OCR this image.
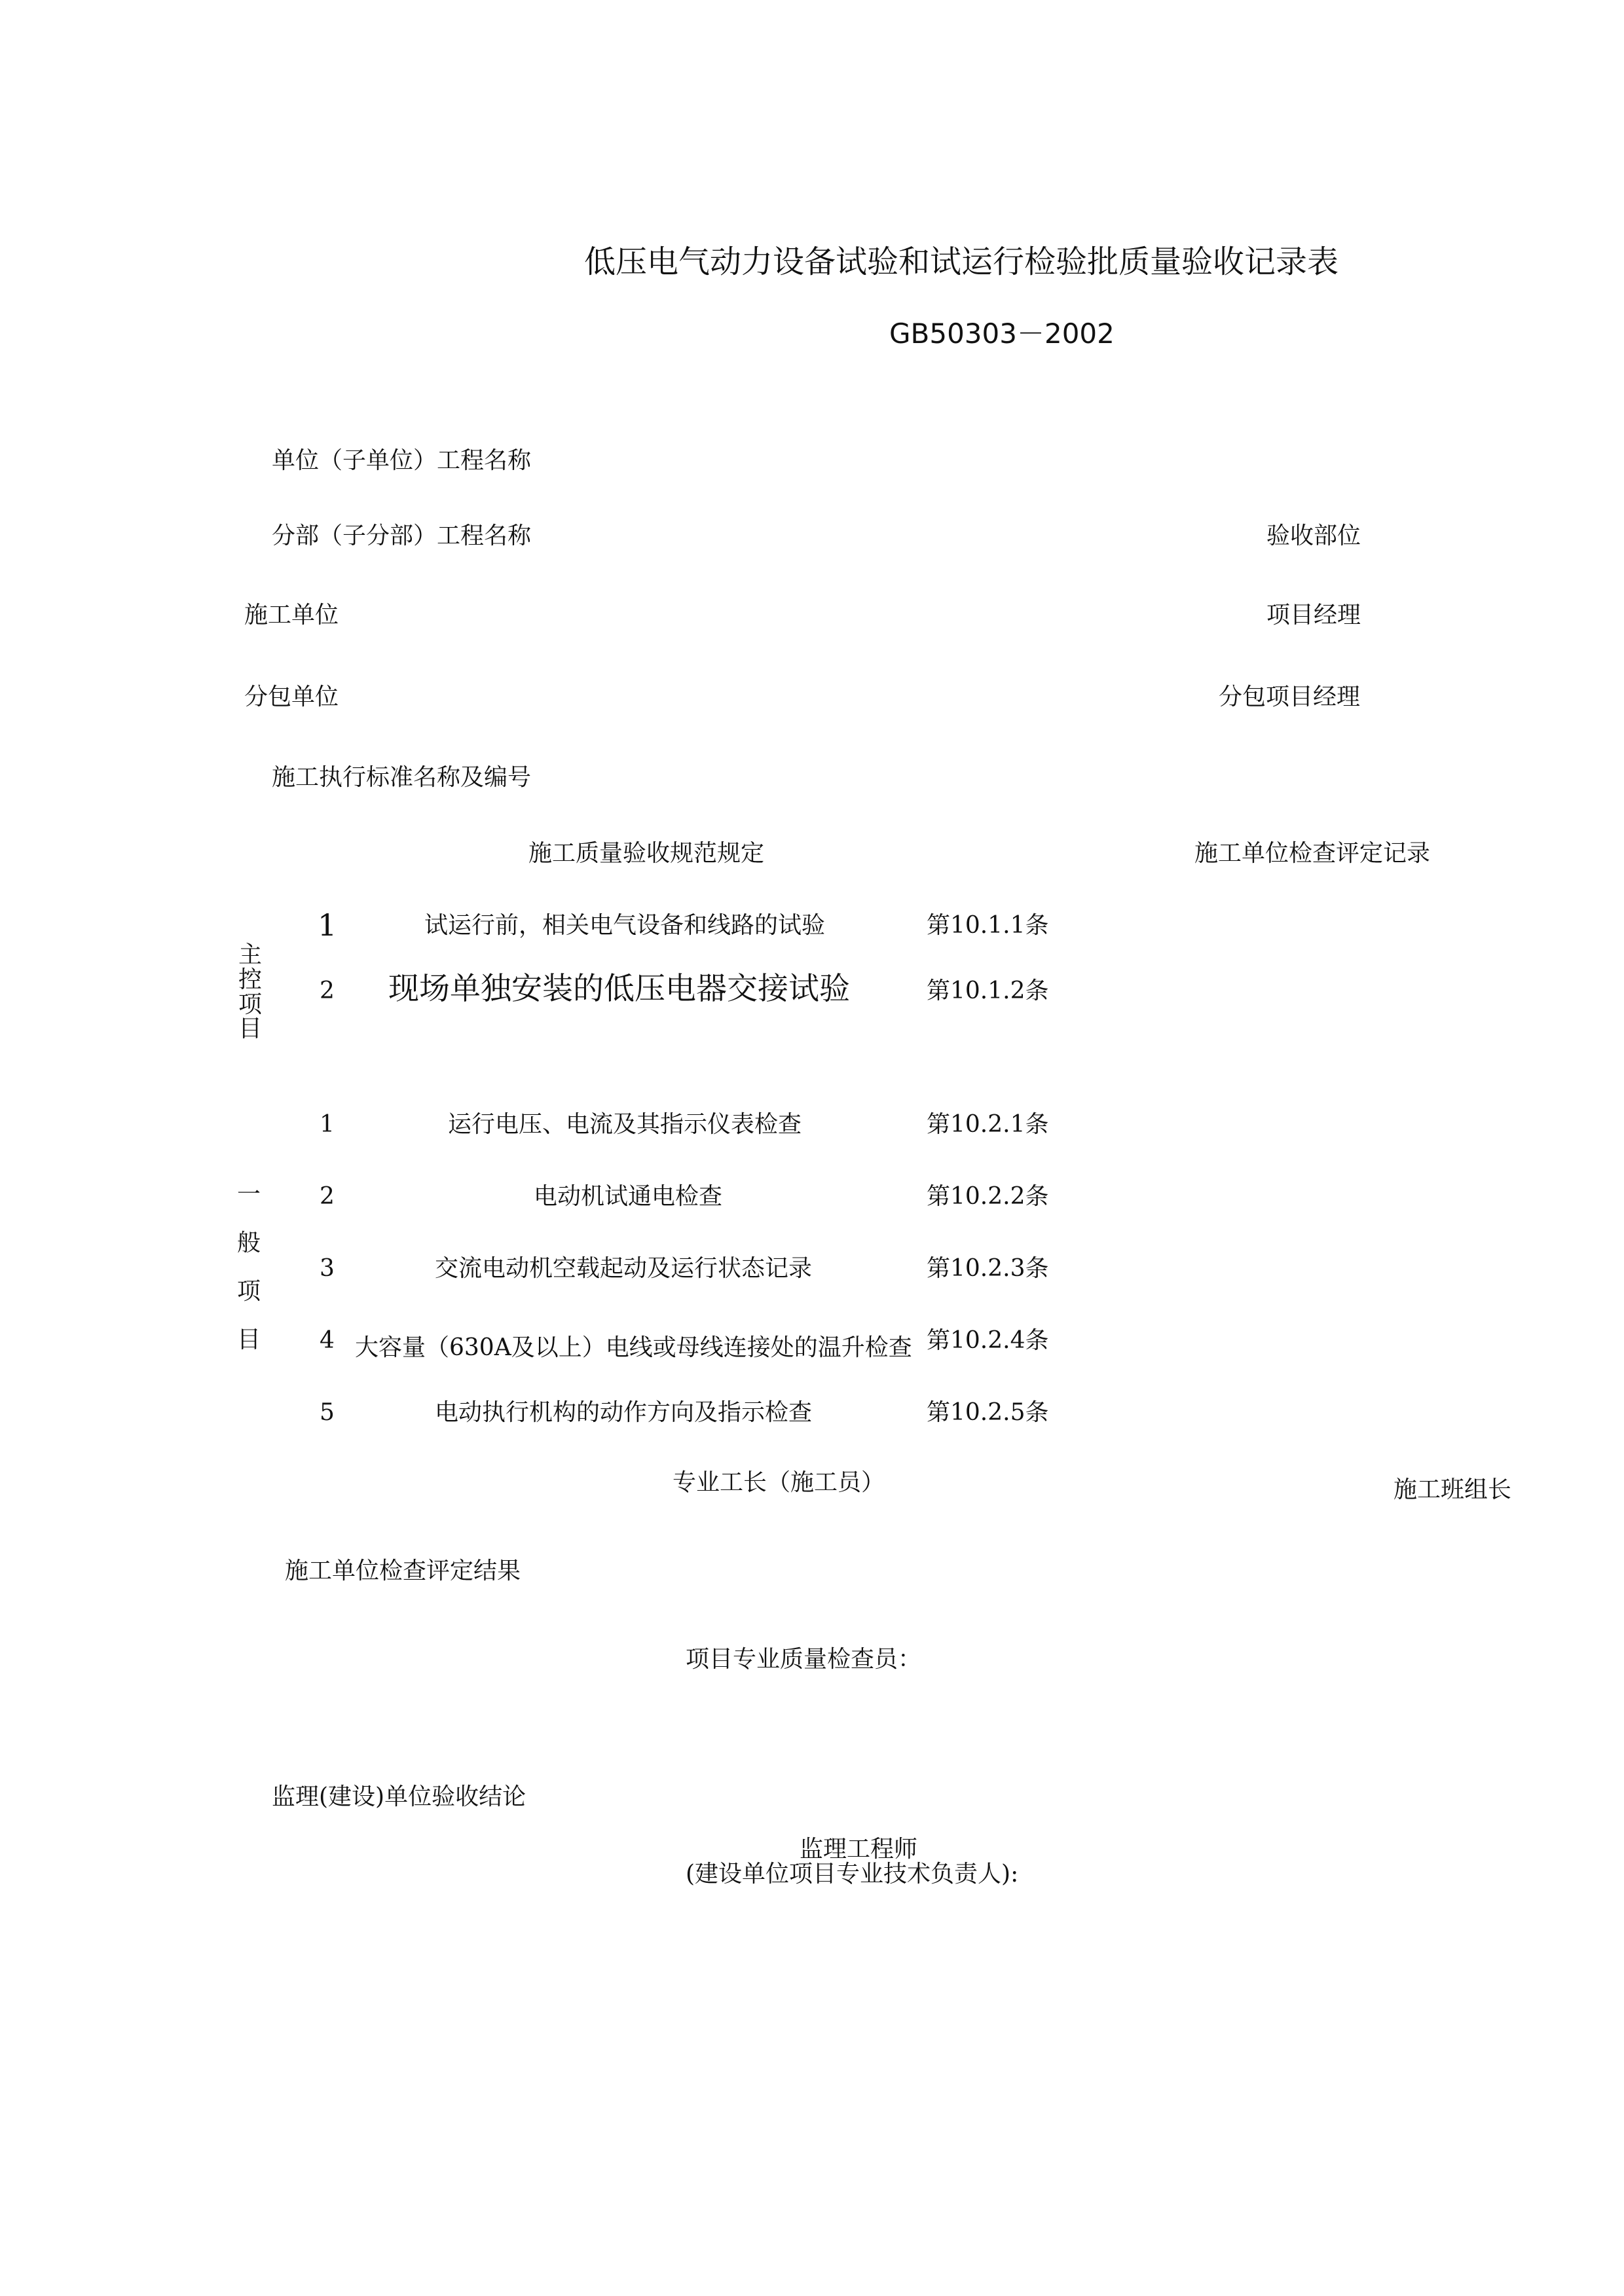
低压电气动力设备试验和试运行检验批质量验收记录表
GB50303－2002
单位（子单位）工程名称
分部（子分部）工程名称	验收部位
施工单位	项目经理
分包单位	分包项目经理
施工执行标准名称及编号
施工质量验收规范规定	施工单位检查评定记录
主控项目
1	试运行前，相关电气设备和线路的试验	第10.1.1条
2 现场单独安装的低压电器交接试验	第10.1.2条
一
般
项
目
1	运行电压、电流及其指示仪表检查	第10.2.1条
2	电动机试通电检查	第10.2.2条
3	交流电动机空载起动及运行状态记录	第10.2.3条
4 大容量（630A及以上）电线或母线连接处的温升检查 第10.2.4条
5	电动执行机构的动作方向及指示检查	第10.2.5条
专业工长（施工员）	施工班组长
施工单位检查评定结果
项目专业质量检查员：
监理(建设)单位验收结论
监理工程师
(建设单位项目专业技术负责人):
